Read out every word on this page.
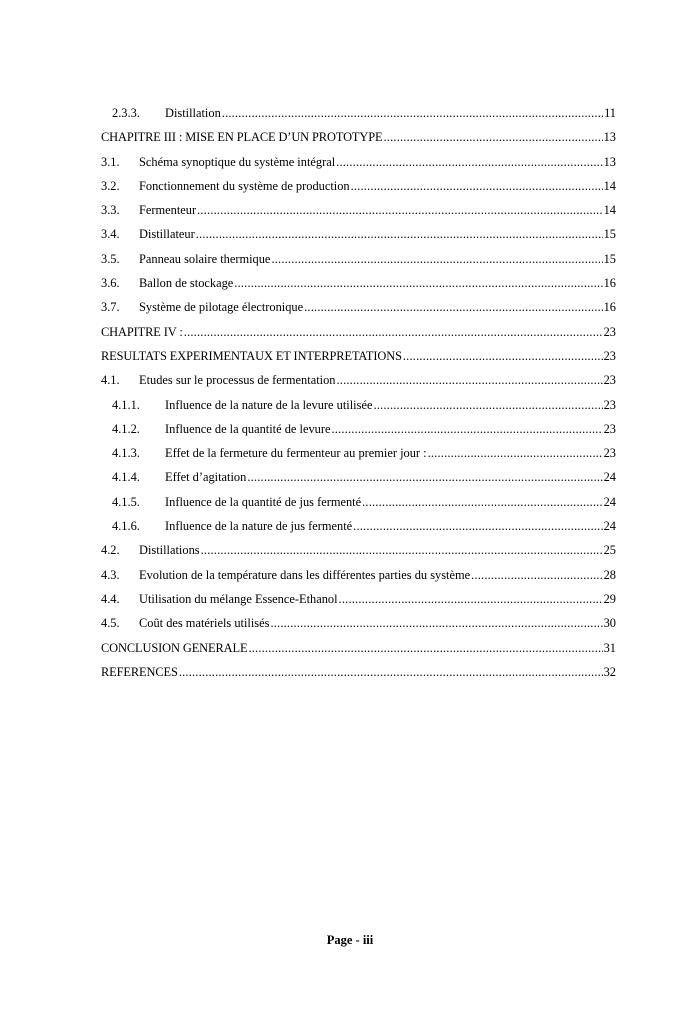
2.3.3.	Distillation .....	11
CHAPITRE III : MISE EN PLACE D’UN PROTOTYPE .....	13
3.1.	Schéma synoptique du système intégral .....	13
3.2.	Fonctionnement du système de production .....	14
3.3.	Fermenteur .....	14
3.4.	Distillateur .....	15
3.5.	Panneau solaire thermique .....	15
3.6.	Ballon de stockage .....	16
3.7.	Système de pilotage électronique .....	16
CHAPITRE IV : .....	23
RESULTATS EXPERIMENTAUX ET INTERPRETATIONS .....	23
4.1.	Etudes sur le processus de fermentation .....	23
4.1.1.	Influence de la nature de la levure utilisée .....	23
4.1.2.	Influence de la quantité de levure .....	23
4.1.3.	Effet de la fermeture du fermenteur au premier jour : .....	23
4.1.4.	Effet d’agitation .....	24
4.1.5.	Influence de la quantité de jus fermenté .....	24
4.1.6.	Influence de la nature de jus fermenté .....	24
4.2.	Distillations .....	25
4.3.	Evolution de la température dans les différentes parties du système .....	28
4.4.	Utilisation du mélange Essence-Ethanol .....	29
4.5.	Coût des matériels utilisés .....	30
CONCLUSION GENERALE .....	31
REFERENCES .....	32
Page - iii
